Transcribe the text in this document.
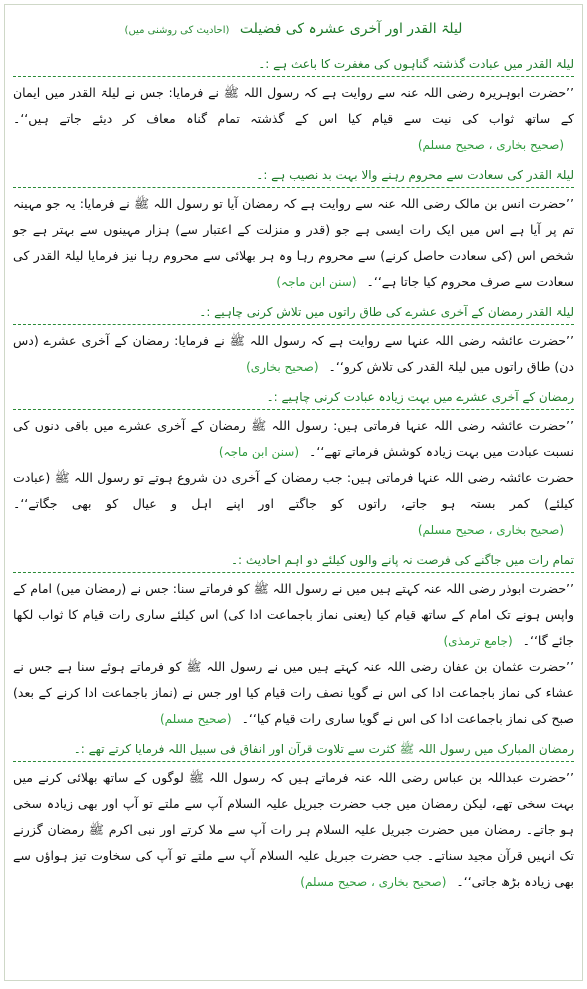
لیلۃ القدر اور آخری عشرہ کی فضیلت (احادیث کی روشنی میں)
لیلۃ القدر میں عبادت گذشتہ گناہوں کی مغفرت کا باعث ہے :۔
’’حضرت ابوہریرہ رضی اللہ عنہ سے روایت ہے کہ رسول اللہ ﷺ نے فرمایا: جس نے لیلۃ القدر میں ایمان کے ساتھ ثواب کی نیت سے قیام کیا اس کے گذشتہ تمام گناہ معاف کر دیئے جاتے ہیں‘‘۔(صحیح بخاری ، صحیح مسلم)
لیلۃ القدر کی سعادت سے محروم رہنے والا بہت بد نصیب ہے :۔
’’حضرت انس بن مالک رضی اللہ عنہ سے روایت ہے کہ رمضان آیا تو رسول اللہ ﷺ نے فرمایا: یہ جو مہینہ تم پر آیا ہے اس میں ایک رات ایسی ہے جو (قدر و منزلت کے اعتبار سے) ہزار مہینوں سے بہتر ہے جو شخص اس (کی سعادت حاصل کرنے) سے محروم رہا وہ ہر بھلائی سے محروم رہا نیز فرمایا لیلۃ القدر کی سعادت سے صرف محروم کیا جاتا ہے‘‘۔(سنن ابن ماجہ)
لیلۃ القدر رمضان کے آخری عشرے کی طاق راتوں میں تلاش کرنی چاہیے :۔
’’حضرت عائشہ رضی اللہ عنہا سے روایت ہے کہ رسول اللہ ﷺ نے فرمایا: رمضان کے آخری عشرے (دس دن) طاق راتوں میں لیلۃ القدر کی تلاش کرو‘‘۔(صحیح بخاری)
رمضان کے آخری عشرے میں بہت زیادہ عبادت کرنی چاہیے :۔
’’حضرت عائشہ رضی اللہ عنہا فرماتی ہیں: رسول اللہ ﷺ رمضان کے آخری عشرے میں باقی دنوں کی نسبت عبادت میں بہت زیادہ کوشش فرماتے تھے‘‘۔(سنن ابن ماجہ)
حضرت عائشہ رضی اللہ عنہا فرماتی ہیں: جب رمضان کے آخری دن شروع ہوتے تو رسول اللہ ﷺ (عبادت کیلئے) کمر بستہ ہو جاتے، راتوں کو جاگتے اور اپنے اہل و عیال کو بھی جگاتے‘‘۔(صحیح بخاری ، صحیح مسلم)
تمام رات میں جاگنے کی فرصت نہ پانے والوں کیلئے دو اہم احادیث :۔
’’حضرت ابوذر رضی اللہ عنہ کہتے ہیں میں نے رسول اللہ ﷺ کو فرماتے سنا: جس نے (رمضان میں) امام کے واپس ہونے تک امام کے ساتھ قیام کیا (یعنی نماز باجماعت ادا کی) اس کیلئے ساری رات قیام کا ثواب لکھا جائے گا‘‘۔(جامع ترمذی)
’’حضرت عثمان بن عفان رضی اللہ عنہ کہتے ہیں میں نے رسول اللہ ﷺ کو فرماتے ہوئے سنا ہے جس نے عشاء کی نماز باجماعت ادا کی اس نے گویا نصف رات قیام کیا اور جس نے (نماز باجماعت ادا کرنے کے بعد) صبح کی نماز باجماعت ادا کی اس نے گویا ساری رات قیام کیا‘‘۔(صحیح مسلم)
رمضان المبارک میں رسول اللہ ﷺ کثرت سے تلاوت قرآن اور انفاق فی سبیل اللہ فرمایا کرتے تھے :۔
’’حضرت عبداللہ بن عباس رضی اللہ عنہ فرماتے ہیں کہ رسول اللہ ﷺ لوگوں کے ساتھ بھلائی کرنے میں بہت سخی تھے، لیکن رمضان میں جب حضرت جبریل علیہ السلام آپ سے ملتے تو آپ اور بھی زیادہ سخی ہو جاتے۔ رمضان میں حضرت جبریل علیہ السلام ہر رات آپ سے ملا کرتے اور نبی اکرم ﷺ رمضان گزرنے تک انہیں قرآن مجید سناتے۔ جب حضرت جبریل علیہ السلام آپ سے ملتے تو آپ کی سخاوت تیز ہواؤں سے بھی زیادہ بڑھ جاتی‘‘۔(صحیح بخاری ، صحیح مسلم)
